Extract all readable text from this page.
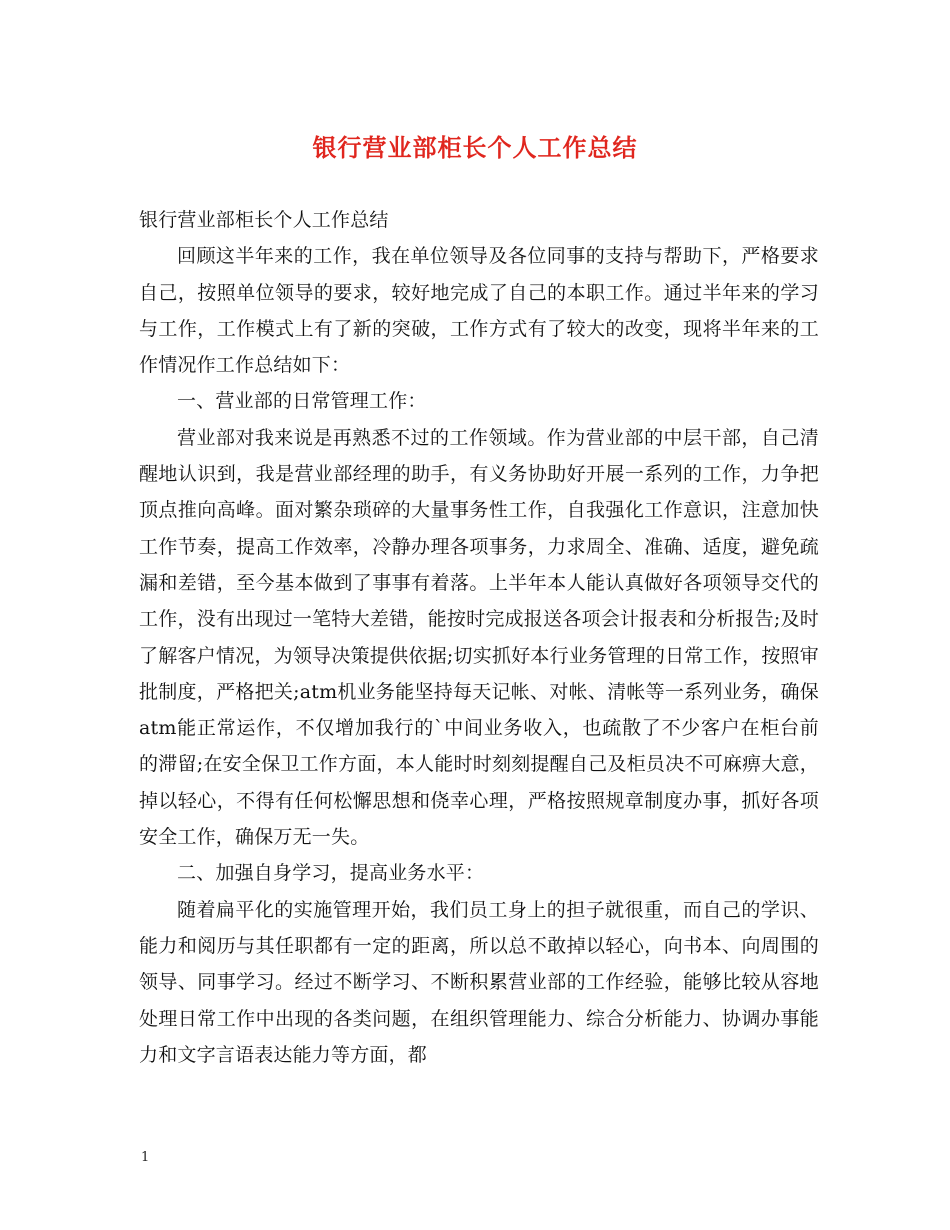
银行营业部柜长个人工作总结

银行营业部柜长个人工作总结

回顾这半年来的工作，我在单位领导及各位同事的支持与帮助下，严格要求自己，按照单位领导的要求，较好地完成了自己的本职工作。通过半年来的学习与工作，工作模式上有了新的突破，工作方式有了较大的改变，现将半年来的工作情况作工作总结如下：

一、营业部的日常管理工作：

营业部对我来说是再熟悉不过的工作领域。作为营业部的中层干部，自己清醒地认识到，我是营业部经理的助手，有义务协助好开展一系列的工作，力争把顶点推向高峰。面对繁杂琐碎的大量事务性工作，自我强化工作意识，注意加快工作节奏，提高工作效率，冷静办理各项事务，力求周全、准确、适度，避免疏漏和差错，至今基本做到了事事有着落。上半年本人能认真做好各项领导交代的工作，没有出现过一笔特大差错，能按时完成报送各项会计报表和分析报告;及时了解客户情况，为领导决策提供依据;切实抓好本行业务管理的日常工作，按照审批制度，严格把关;atm机业务能坚持每天记帐、对帐、清帐等一系列业务，确保atm能正常运作，不仅增加我行的`中间业务收入，也疏散了不少客户在柜台前的滞留;在安全保卫工作方面，本人能时时刻刻提醒自己及柜员决不可麻痹大意，掉以轻心，不得有任何松懈思想和侥幸心理，严格按照规章制度办事，抓好各项安全工作，确保万无一失。

二、加强自身学习，提高业务水平：

随着扁平化的实施管理开始，我们员工身上的担子就很重，而自己的学识、能力和阅历与其任职都有一定的距离，所以总不敢掉以轻心，向书本、向周围的领导、同事学习。经过不断学习、不断积累营业部的工作经验，能够比较从容地处理日常工作中出现的各类问题，在组织管理能力、综合分析能力、协调办事能力和文字言语表达能力等方面，都

1
